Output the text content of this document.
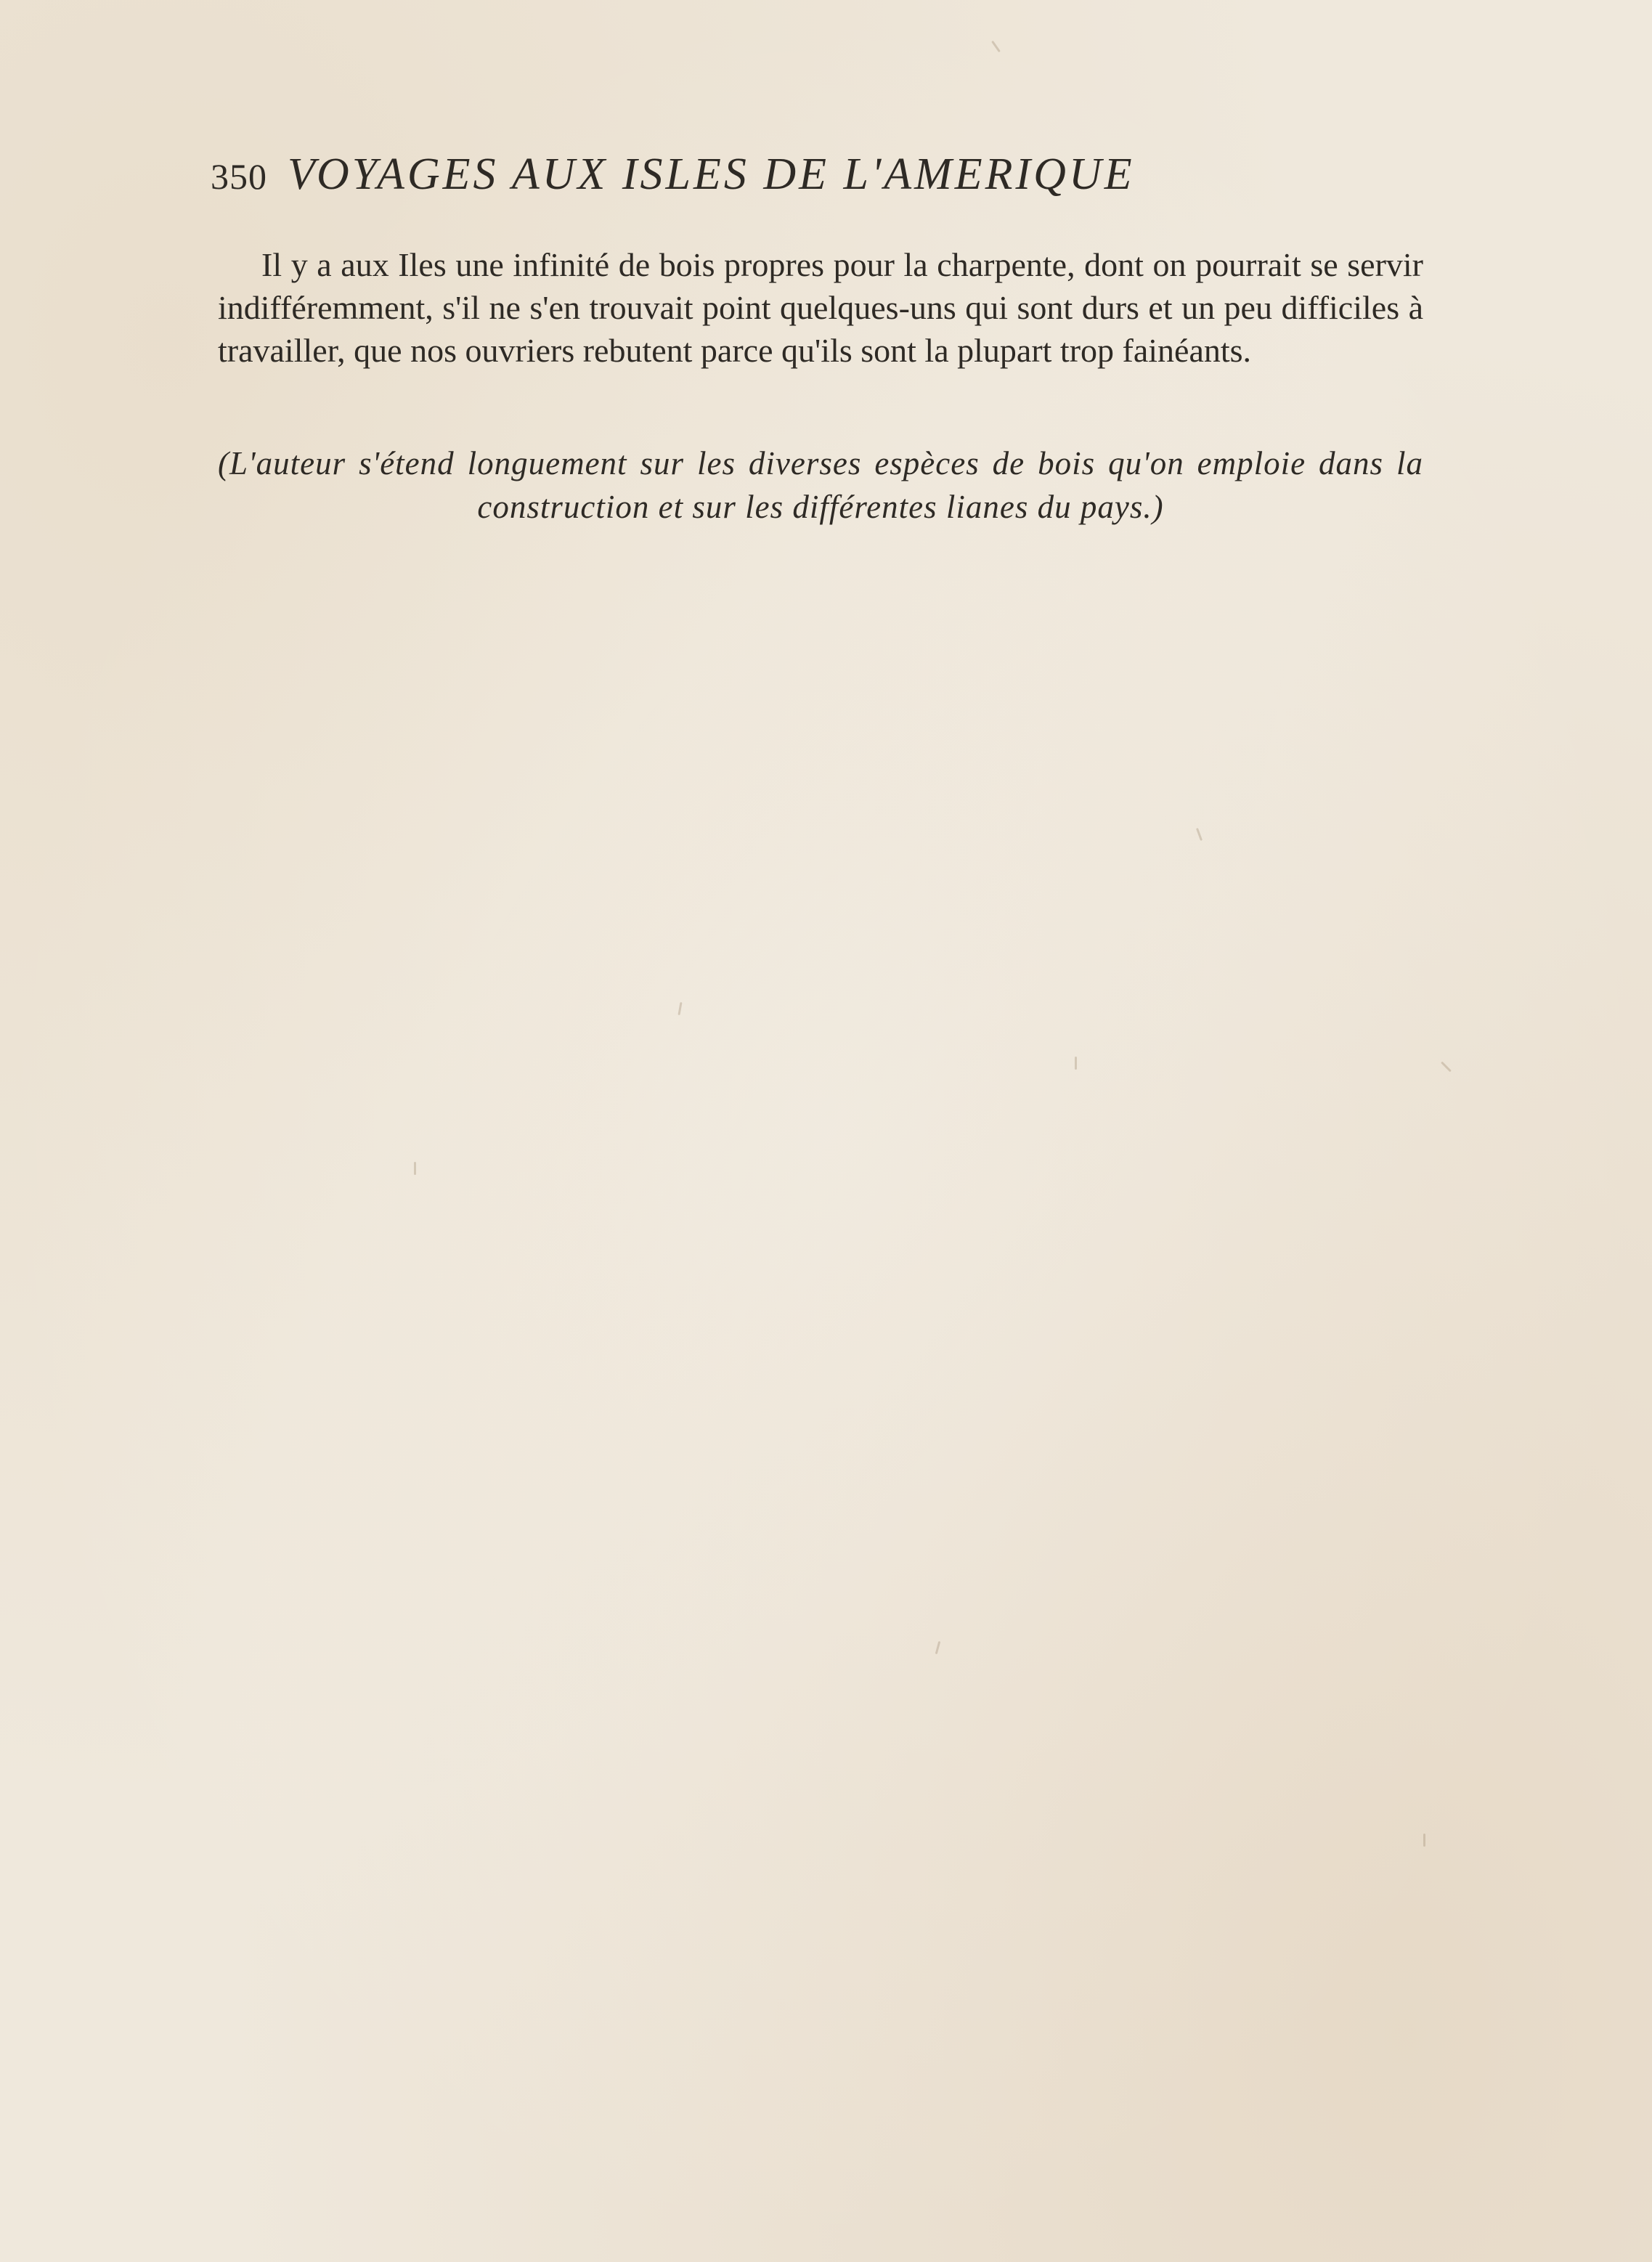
350 VOYAGES AUX ISLES DE L'AMERIQUE

Il y a aux Iles une infinité de bois propres pour la charpente, dont on pourrait se servir indifféremment, s'il ne s'en trouvait point quelques-uns qui sont durs et un peu difficiles à travailler, que nos ouvriers rebutent parce qu'ils sont la plupart trop fainéants.

(L'auteur s'étend longuement sur les diverses espèces de bois qu'on emploie dans la construction et sur les différentes lianes du pays.)
